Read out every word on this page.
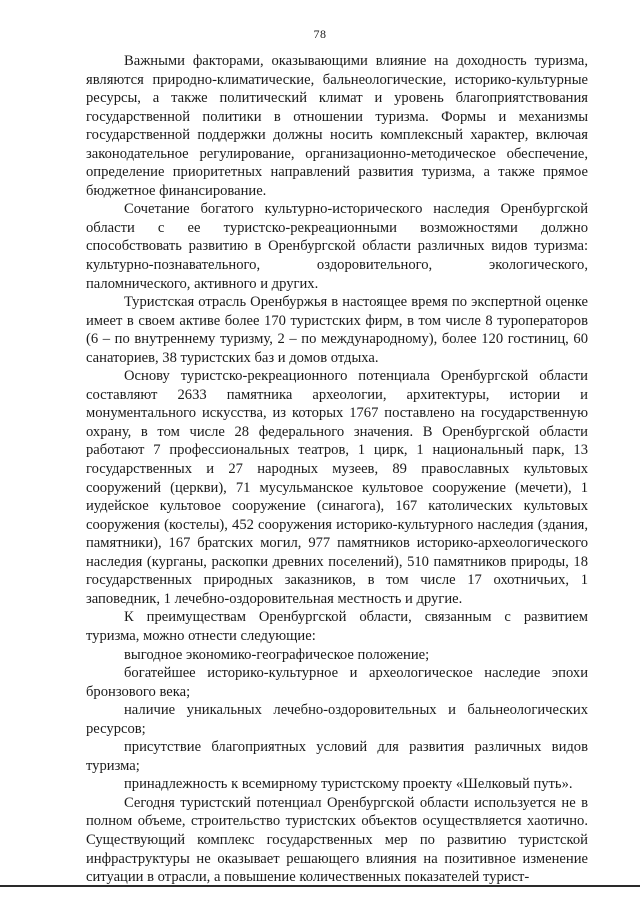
78

Важными факторами, оказывающими влияние на доходность туризма, являются природно-климатические, бальнеологические, историко-культурные ресурсы, а также политический климат и уровень благоприятствования государственной политики в отношении туризма. Формы и механизмы государственной поддержки должны носить комплексный характер, включая законодательное регулирование, организационно-методическое обеспечение, определение приоритетных направлений развития туризма, а также прямое бюджетное финансирование.

Сочетание богатого культурно-исторического наследия Оренбургской области с ее туристско-рекреационными возможностями должно способствовать развитию в Оренбургской области различных видов туризма: культурно-познавательного, оздоровительного, экологического, паломнического, активного и других.

Туристская отрасль Оренбуржья в настоящее время по экспертной оценке имеет в своем активе более 170 туристских фирм, в том числе 8 туроператоров (6 – по внутреннему туризму, 2 – по международному), более 120 гостиниц, 60 санаториев, 38 туристских баз и домов отдыха.

Основу туристско-рекреационного потенциала Оренбургской области составляют 2633 памятника археологии, архитектуры, истории и монументального искусства, из которых 1767 поставлено на государственную охрану, в том числе 28 федерального значения. В Оренбургской области работают 7 профессиональных театров, 1 цирк, 1 национальный парк, 13 государственных и 27 народных музеев, 89 православных культовых сооружений (церкви), 71 мусульманское культовое сооружение (мечети), 1 иудейское культовое сооружение (синагога), 167 католических культовых сооружения (костелы), 452 сооружения историко-культурного наследия (здания, памятники), 167 братских могил, 977 памятников историко-археологического наследия (курганы, раскопки древних поселений), 510 памятников природы, 18 государственных природных заказников, в том числе 17 охотничьих, 1 заповедник, 1 лечебно-оздоровительная местность и другие.

К преимуществам Оренбургской области, связанным с развитием туризма, можно отнести следующие:

выгодное экономико-географическое положение;

богатейшее историко-культурное и археологическое наследие эпохи бронзового века;

наличие уникальных лечебно-оздоровительных и бальнеологических ресурсов;

присутствие благоприятных условий для развития различных видов туризма;

принадлежность к всемирному туристскому проекту «Шелковый путь».

Сегодня туристский потенциал Оренбургской области используется не в полном объеме, строительство туристских объектов осуществляется хаотично. Существующий комплекс государственных мер по развитию туристской инфраструктуры не оказывает решающего влияния на позитивное изменение ситуации в отрасли, а повышение количественных показателей турист-
